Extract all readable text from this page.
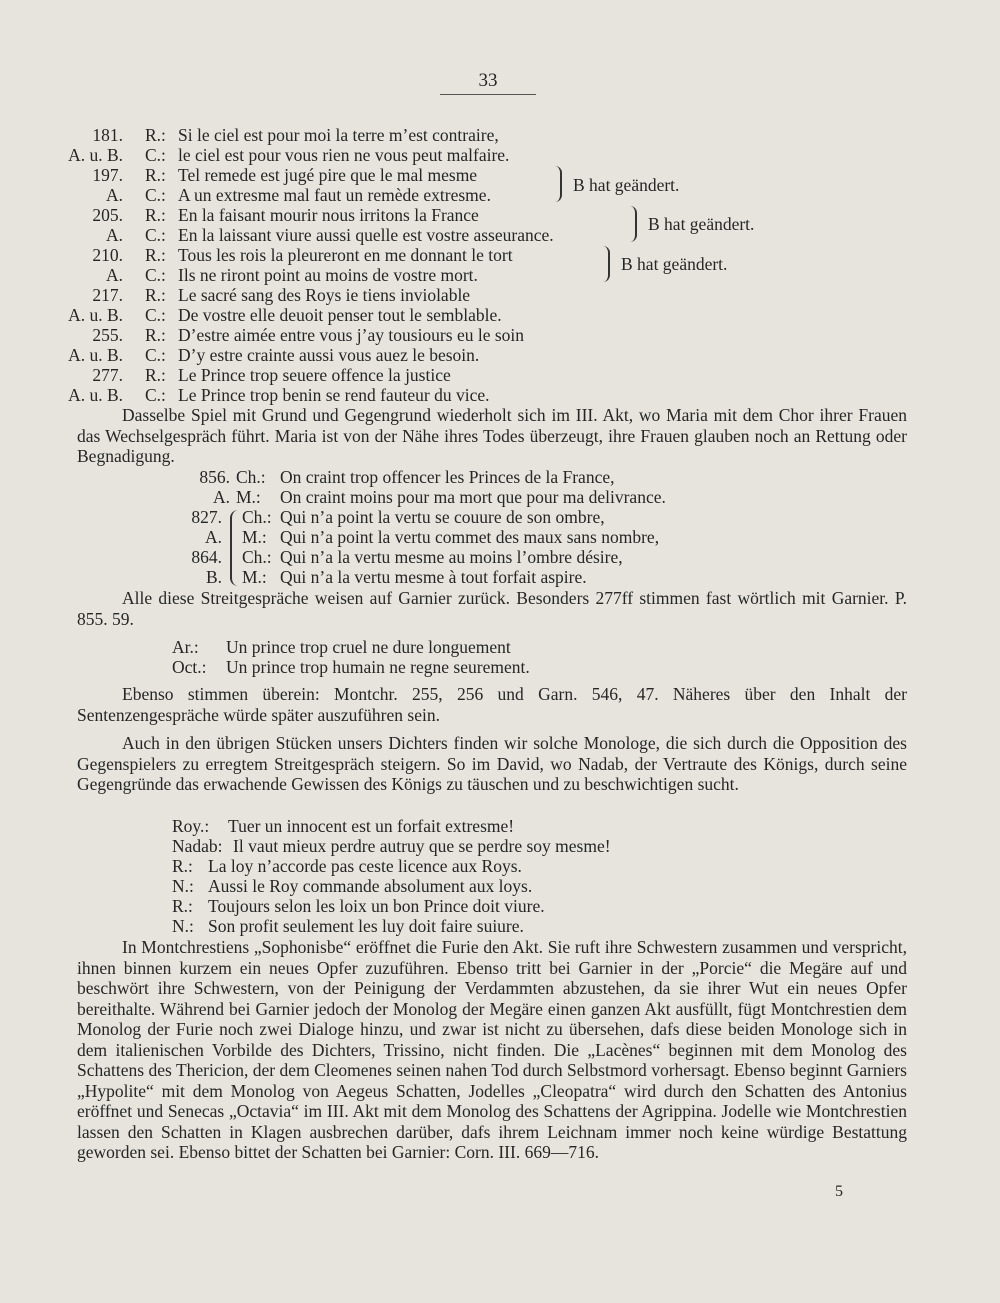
33
181. R.: Si le ciel est pour moi la terre m’est contraire,
A. u. B. C.: le ciel est pour vous rien ne vous peut malfaire.
197. R.: Tel remede est jugé pire que le mal mesme
A. C.: A un extresme mal faut un remède extresme.
205. R.: En la faisant mourir nous irritons la France
A. C.: En la laissant viure aussi quelle est vostre asseurance.
210. R.: Tous les rois la pleureront en me donnant le tort
A. C.: Ils ne riront point au moins de vostre mort.
217. R.: Le sacré sang des Roys ie tiens inviolable
A. u. B. C.: De vostre elle deuoit penser tout le semblable.
255. R.: D’estre aimée entre vous j’ay tousiours eu le soin
A. u. B. C.: D’y estre crainte aussi vous auez le besoin.
277. R.: Le Prince trop seuere offence la justice
A. u. B. C.: Le Prince trop benin se rend fauteur du vice.
B hat geändert.
B hat geändert.
B hat geändert.
Dasselbe Spiel mit Grund und Gegengrund wiederholt sich im III. Akt, wo Maria mit dem Chor ihrer Frauen das Wechselgespräch führt. Maria ist von der Nähe ihres Todes überzeugt, ihre Frauen glauben noch an Rettung oder Begnadigung.
856. Ch.: On craint trop offencer les Princes de la France,
A. M.: On craint moins pour ma mort que pour ma delivrance.
827. Ch.: Qui n’a point la vertu se couure de son ombre,
A. M.: Qui n’a point la vertu commet des maux sans nombre,
864. Ch.: Qui n’a la vertu mesme au moins l’ombre désire,
B. M.: Qui n’a la vertu mesme à tout forfait aspire.
Alle diese Streitgespräche weisen auf Garnier zurück. Besonders 277ff stimmen fast wörtlich mit Garnier. P. 855. 59.
Ar.: Un prince trop cruel ne dure longuement
Oct.: Un prince trop humain ne regne seurement.
Ebenso stimmen überein: Montchr. 255, 256 und Garn. 546, 47. Näheres über den Inhalt der Sentenzengespräche würde später auszuführen sein.
Auch in den übrigen Stücken unsers Dichters finden wir solche Monologe, die sich durch die Opposition des Gegenspielers zu erregtem Streitgespräch steigern. So im David, wo Nadab, der Vertraute des Königs, durch seine Gegengründe das erwachende Gewissen des Königs zu täuschen und zu beschwichtigen sucht.
Roy.: Tuer un innocent est un forfait extresme!
Nadab: Il vaut mieux perdre autruy que se perdre soy mesme!
R.: La loy n’accorde pas ceste licence aux Roys.
N.: Aussi le Roy commande absolument aux loys.
R.: Toujours selon les loix un bon Prince doit viure.
N.: Son profit seulement les luy doit faire suiure.
In Montchrestiens „Sophonisbe“ eröffnet die Furie den Akt. Sie ruft ihre Schwestern zusammen und verspricht, ihnen binnen kurzem ein neues Opfer zuzuführen. Ebenso tritt bei Garnier in der „Porcie“ die Megäre auf und beschwört ihre Schwestern, von der Peinigung der Verdammten abzustehen, da sie ihrer Wut ein neues Opfer bereithalte. Während bei Garnier jedoch der Monolog der Megäre einen ganzen Akt ausfüllt, fügt Montchrestien dem Monolog der Furie noch zwei Dialoge hinzu, und zwar ist nicht zu übersehen, dafs diese beiden Monologe sich in dem italienischen Vorbilde des Dichters, Trissino, nicht finden. Die „Lacènes“ beginnen mit dem Monolog des Schattens des Thericion, der dem Cleomenes seinen nahen Tod durch Selbstmord vorhersagt. Ebenso beginnt Garniers „Hypolite“ mit dem Monolog von Aegeus Schatten, Jodelles „Cleopatra“ wird durch den Schatten des Antonius eröffnet und Senecas „Octavia“ im III. Akt mit dem Monolog des Schattens der Agrippina. Jodelle wie Montchrestien lassen den Schatten in Klagen ausbrechen darüber, dafs ihrem Leichnam immer noch keine würdige Bestattung geworden sei. Ebenso bittet der Schatten bei Garnier: Corn. III. 669—716.
5
